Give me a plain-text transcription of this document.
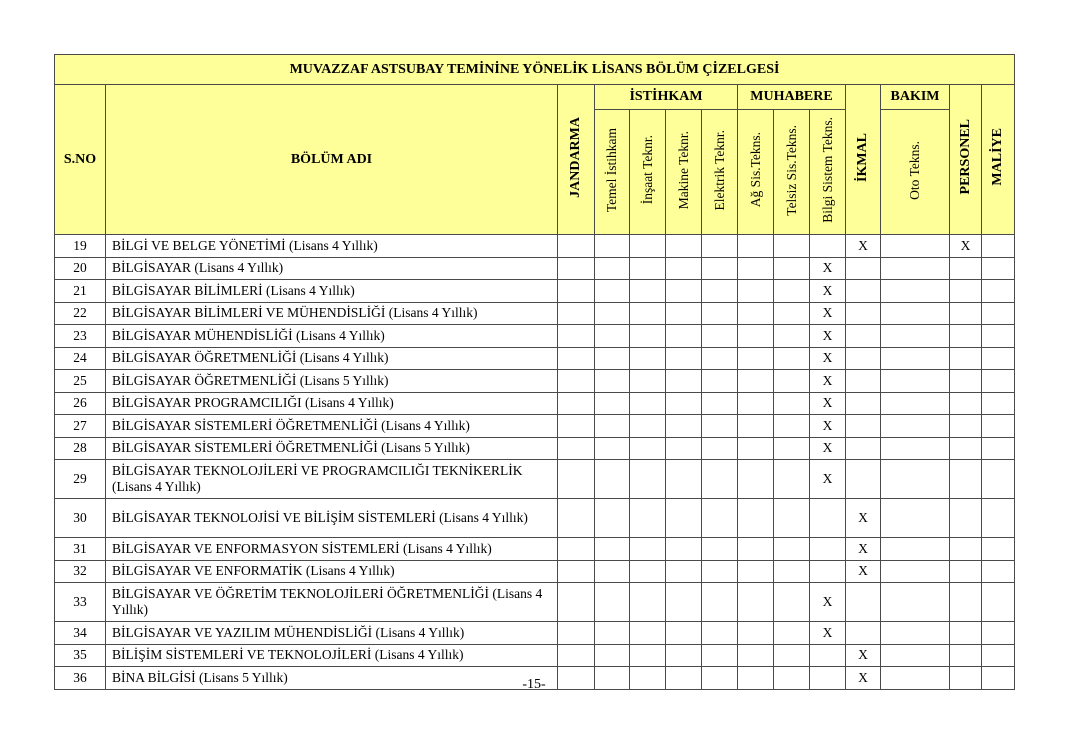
MUVAZZAF ASTSUBAY TEMİNİNE YÖNELİK LİSANS BÖLÜM ÇİZELGESİ													
S.NO	BÖLÜM ADI	JANDARMA	İSTİHKAM				MUHABERE			İKMAL	BAKIM	PERSONEL	MALİYE
			Temel İstihkam	İnşaat Teknr.	Makine Teknr.	Elektrik Teknr.	Ağ Sis.Tekns.	Telsiz Sis.Tekns.	Bilgi Sistem Tekns.		Oto Tekns.		
19	BİLGİ VE BELGE YÖNETİMİ (Lisans 4 Yıllık)									X		X	
20	BİLGİSAYAR (Lisans 4 Yıllık)								X				
21	BİLGİSAYAR BİLİMLERİ (Lisans 4 Yıllık)								X				
22	BİLGİSAYAR BİLİMLERİ VE MÜHENDİSLİĞİ (Lisans 4 Yıllık)								X				
23	BİLGİSAYAR MÜHENDİSLİĞİ (Lisans 4 Yıllık)								X				
24	BİLGİSAYAR ÖĞRETMENLİĞİ (Lisans 4 Yıllık)								X				
25	BİLGİSAYAR ÖĞRETMENLİĞİ (Lisans 5 Yıllık)								X				
26	BİLGİSAYAR PROGRAMCILIĞI (Lisans 4 Yıllık)								X				
27	BİLGİSAYAR SİSTEMLERİ ÖĞRETMENLİĞİ (Lisans 4 Yıllık)								X				
28	BİLGİSAYAR SİSTEMLERİ ÖĞRETMENLİĞİ (Lisans 5 Yıllık)								X				
29	BİLGİSAYAR TEKNOLOJİLERİ VE PROGRAMCILIĞI TEKNİKERLİK (Lisans 4 Yıllık)								X				
30	BİLGİSAYAR TEKNOLOJİSİ VE BİLİŞİM SİSTEMLERİ (Lisans 4 Yıllık)									X			
31	BİLGİSAYAR VE ENFORMASYON SİSTEMLERİ (Lisans 4 Yıllık)									X			
32	BİLGİSAYAR VE ENFORMATİK (Lisans 4 Yıllık)									X			
33	BİLGİSAYAR VE ÖĞRETİM TEKNOLOJİLERİ ÖĞRETMENLİĞİ (Lisans 4 Yıllık)								X				
34	BİLGİSAYAR VE YAZILIM MÜHENDİSLİĞİ (Lisans 4 Yıllık)								X				
35	BİLİŞİM SİSTEMLERİ VE TEKNOLOJİLERİ (Lisans 4 Yıllık)									X			
36	BİNA BİLGİSİ (Lisans 5 Yıllık)									X			
-15-
